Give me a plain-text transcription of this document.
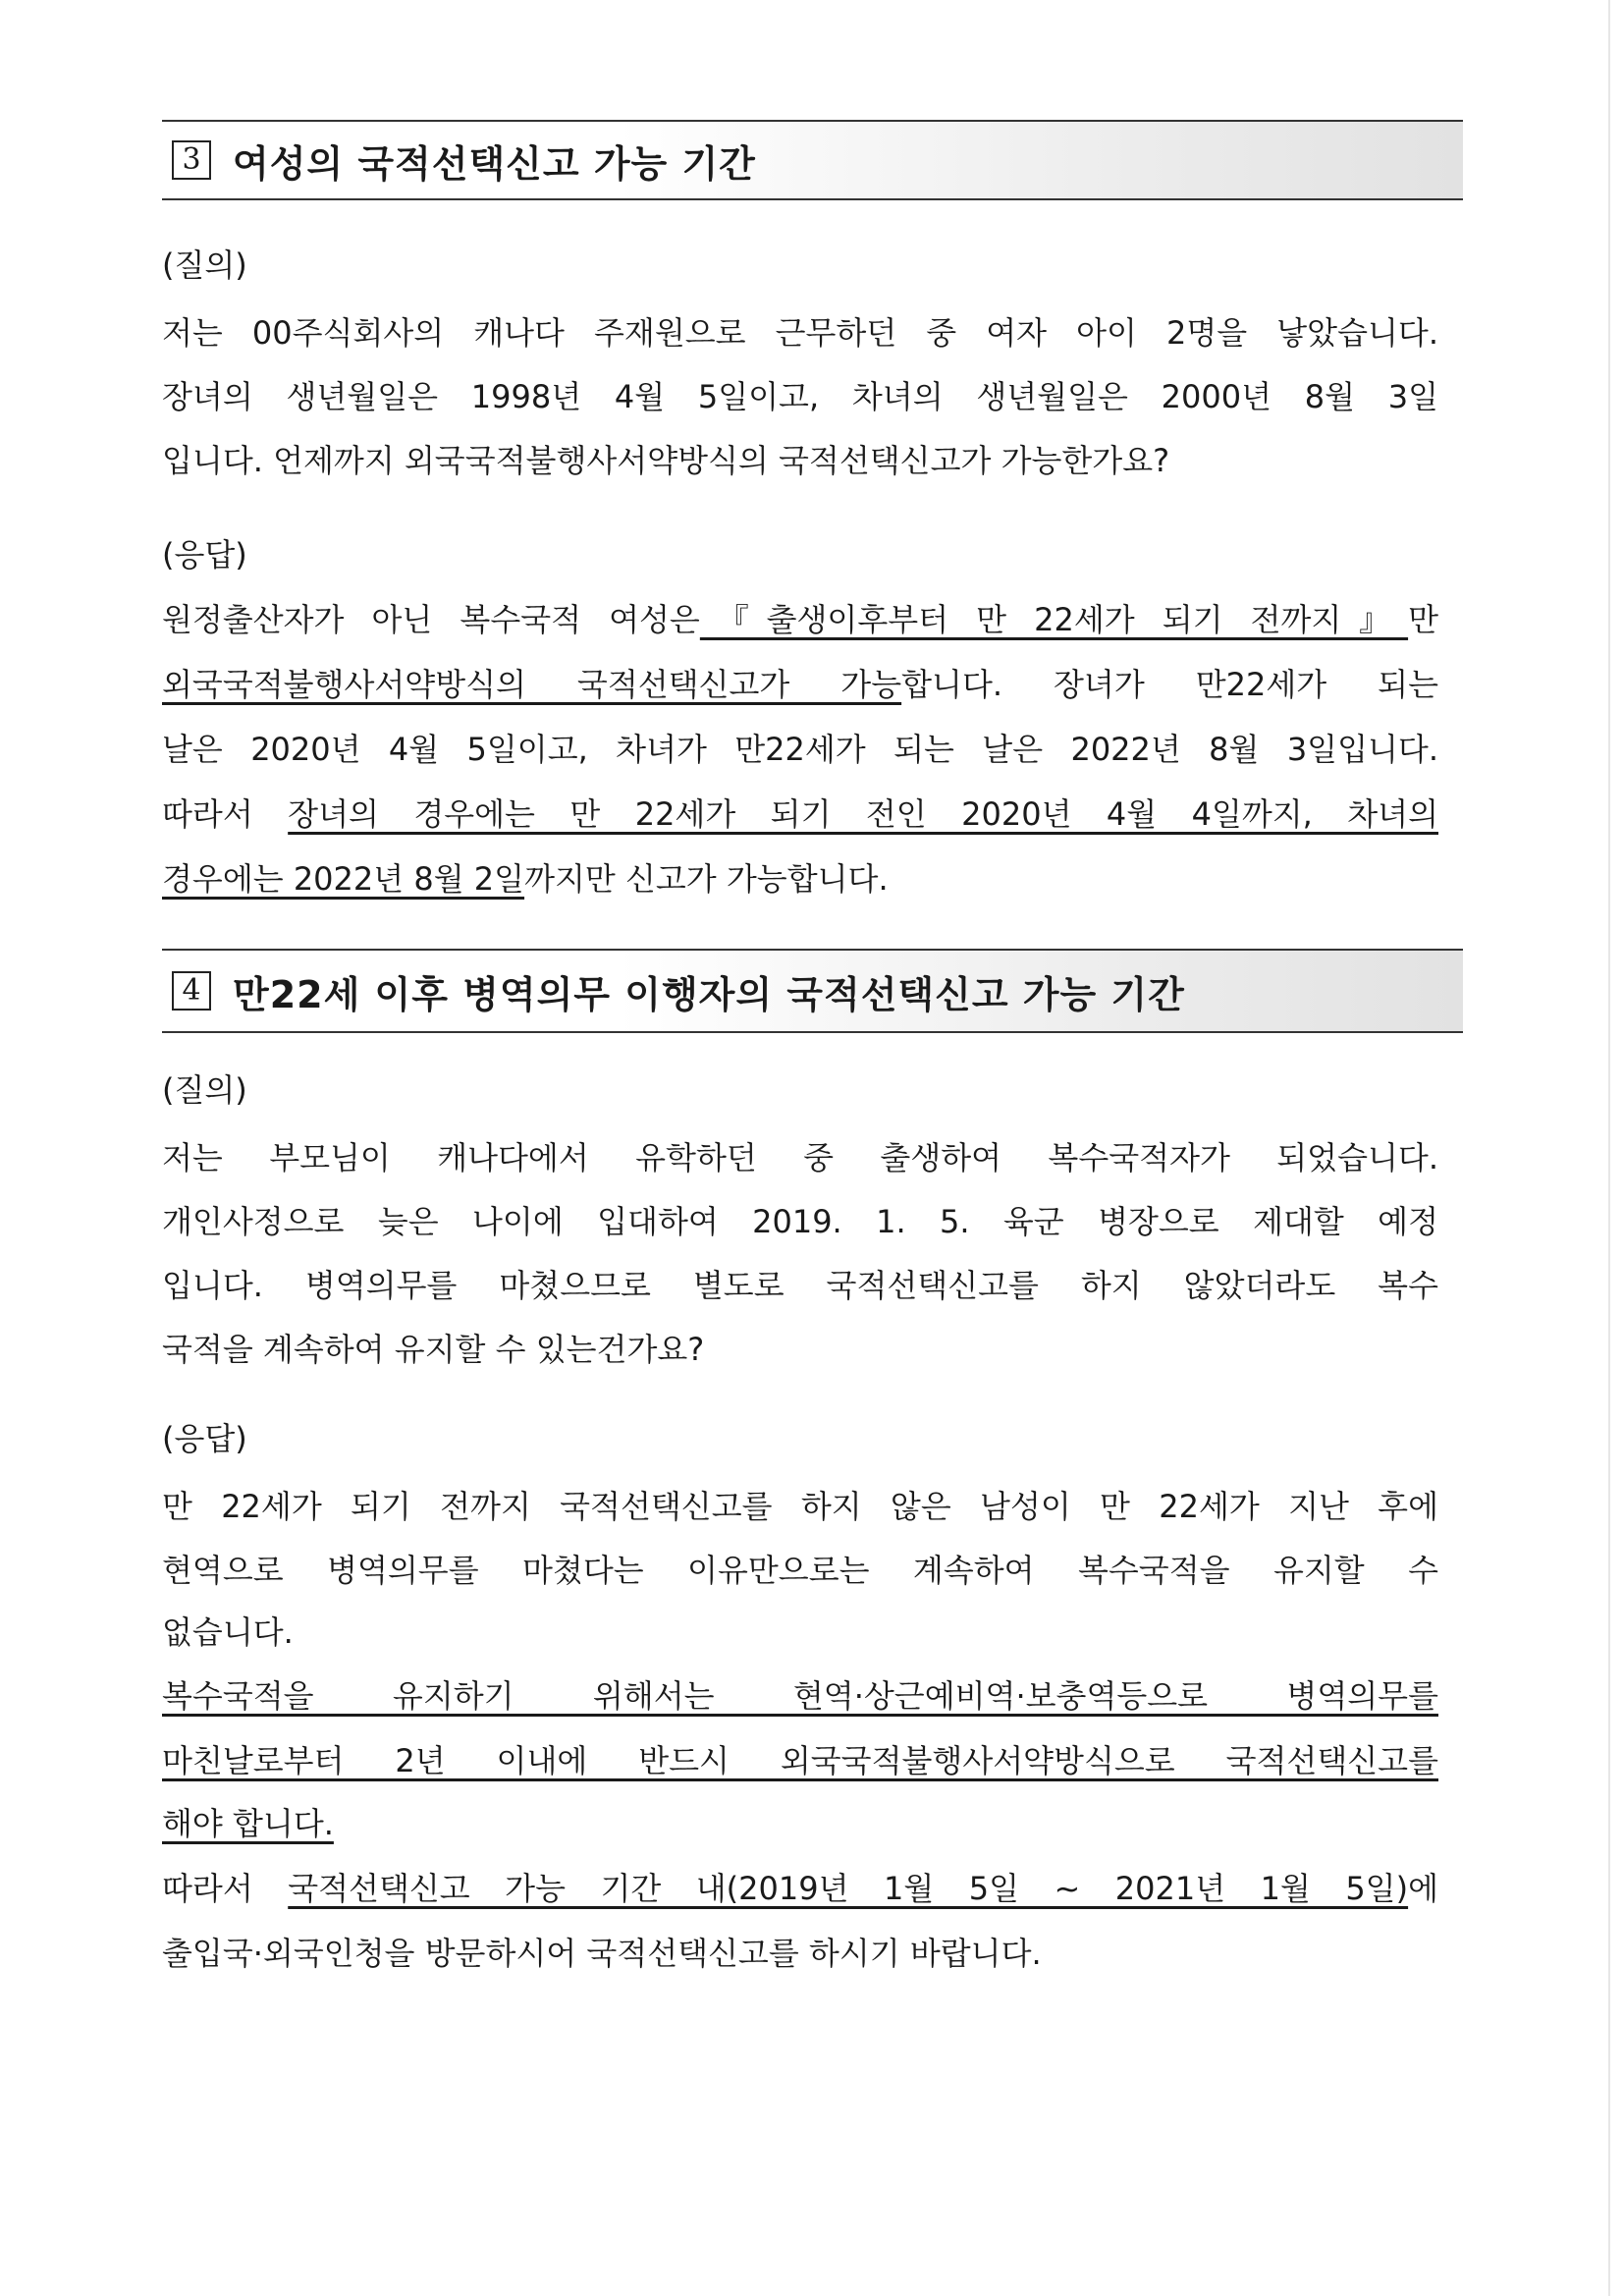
3 여성의 국적선택신고 가능 기간
(질의)
저는 00주식회사의 캐나다 주재원으로 근무하던 중 여자 아이 2명을 낳았습니다.
장녀의 생년월일은 1998년 4월 5일이고, 차녀의 생년월일은 2000년 8월 3일
입니다. 언제까지 외국국적불행사서약방식의 국적선택신고가 가능한가요?
(응답)
원정출산자가 아닌 복수국적 여성은『출생이후부터 만 22세가 되기 전까지』만
외국국적불행사서약방식의 국적선택신고가 가능합니다. 장녀가 만22세가 되는
날은 2020년 4월 5일이고, 차녀가 만22세가 되는 날은 2022년 8월 3일입니다.
따라서 장녀의 경우에는 만 22세가 되기 전인 2020년 4월 4일까지, 차녀의
경우에는 2022년 8월 2일까지만 신고가 가능합니다.
4 만22세 이후 병역의무 이행자의 국적선택신고 가능 기간
(질의)
저는 부모님이 캐나다에서 유학하던 중 출생하여 복수국적자가 되었습니다.
개인사정으로 늦은 나이에 입대하여 2019. 1. 5. 육군 병장으로 제대할 예정
입니다. 병역의무를 마쳤으므로 별도로 국적선택신고를 하지 않았더라도 복수
국적을 계속하여 유지할 수 있는건가요?
(응답)
만 22세가 되기 전까지 국적선택신고를 하지 않은 남성이 만 22세가 지난 후에
현역으로 병역의무를 마쳤다는 이유만으로는 계속하여 복수국적을 유지할 수
없습니다.
복수국적을 유지하기 위해서는 현역·상근예비역·보충역등으로 병역의무를
마친날로부터 2년 이내에 반드시 외국국적불행사서약방식으로 국적선택신고를
해야 합니다.
따라서 국적선택신고 가능 기간 내(2019년 1월 5일 ~ 2021년 1월 5일)에
출입국·외국인청을 방문하시어 국적선택신고를 하시기 바랍니다.
